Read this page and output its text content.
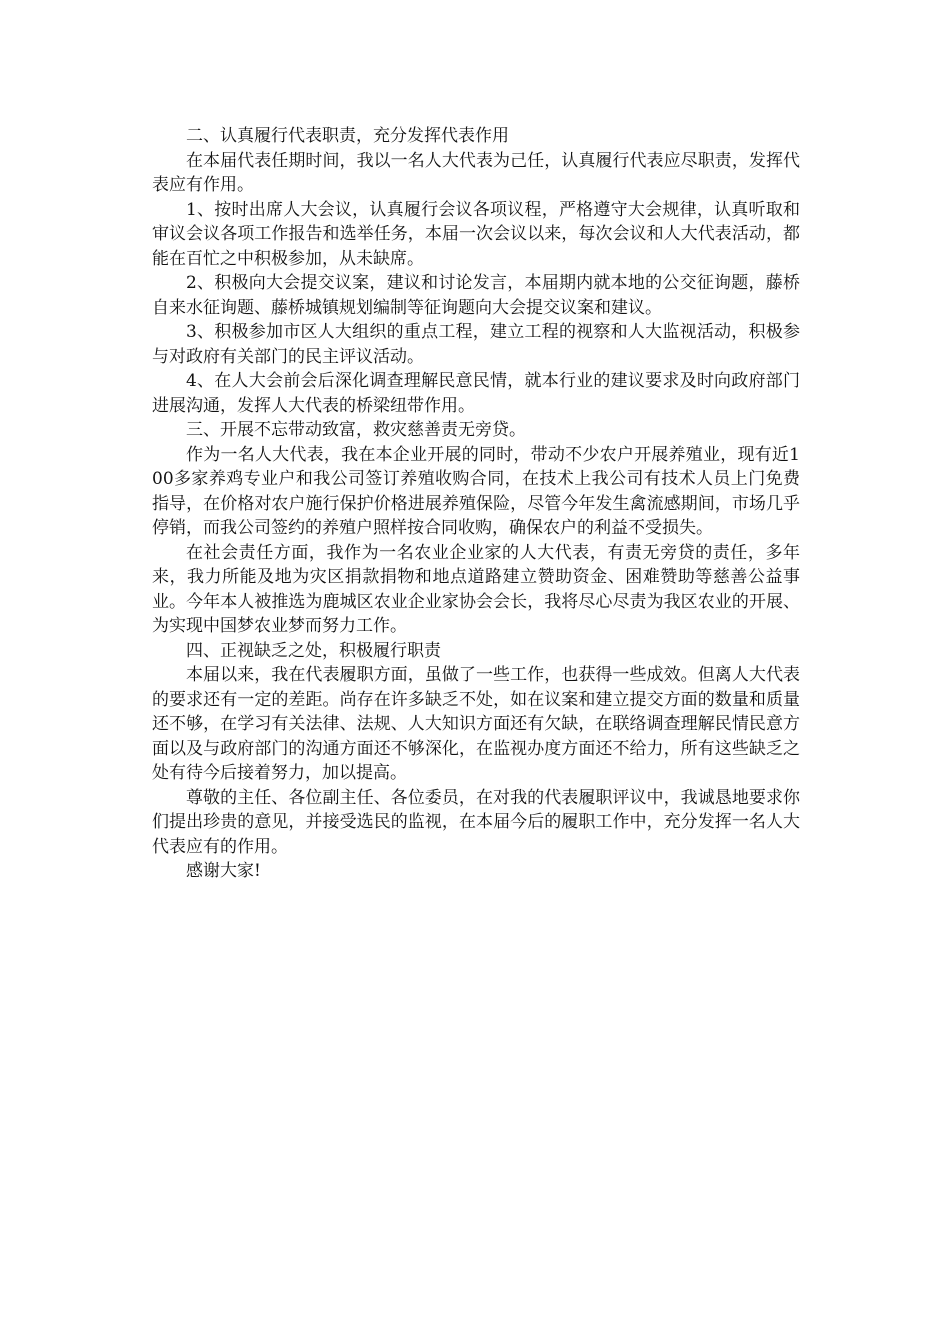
二、认真履行代表职责，充分发挥代表作用

在本届代表任期时间，我以一名人大代表为己任，认真履行代表应尽职责，发挥代表应有作用。

1、按时出席人大会议，认真履行会议各项议程，严格遵守大会规律，认真听取和审议会议各项工作报告和选举任务，本届一次会议以来，每次会议和人大代表活动，都能在百忙之中积极参加，从未缺席。

2、积极向大会提交议案，建议和讨论发言，本届期内就本地的公交征询题，藤桥自来水征询题、藤桥城镇规划编制等征询题向大会提交议案和建议。

3、积极参加市区人大组织的重点工程，建立工程的视察和人大监视活动，积极参与对政府有关部门的民主评议活动。

4、在人大会前会后深化调查理解民意民情，就本行业的建议要求及时向政府部门进展沟通，发挥人大代表的桥梁纽带作用。

三、开展不忘带动致富，救灾慈善责无旁贷。

作为一名人大代表，我在本企业开展的同时，带动不少农户开展养殖业，现有近100多家养鸡专业户和我公司签订养殖收购合同，在技术上我公司有技术人员上门免费指导，在价格对农户施行保护价格进展养殖保险，尽管今年发生禽流感期间，市场几乎停销，而我公司签约的养殖户照样按合同收购，确保农户的利益不受损失。

在社会责任方面，我作为一名农业企业家的人大代表，有责无旁贷的责任，多年来，我力所能及地为灾区捐款捐物和地点道路建立赞助资金、困难赞助等慈善公益事业。今年本人被推选为鹿城区农业企业家协会会长，我将尽心尽责为我区农业的开展、为实现中国梦农业梦而努力工作。

四、正视缺乏之处，积极履行职责

本届以来，我在代表履职方面，虽做了一些工作，也获得一些成效。但离人大代表的要求还有一定的差距。尚存在许多缺乏不处，如在议案和建立提交方面的数量和质量还不够，在学习有关法律、法规、人大知识方面还有欠缺，在联络调查理解民情民意方面以及与政府部门的沟通方面还不够深化，在监视办度方面还不给力，所有这些缺乏之处有待今后接着努力，加以提高。

尊敬的主任、各位副主任、各位委员，在对我的代表履职评议中，我诚恳地要求你们提出珍贵的意见，并接受选民的监视，在本届今后的履职工作中，充分发挥一名人大代表应有的作用。

感谢大家!
